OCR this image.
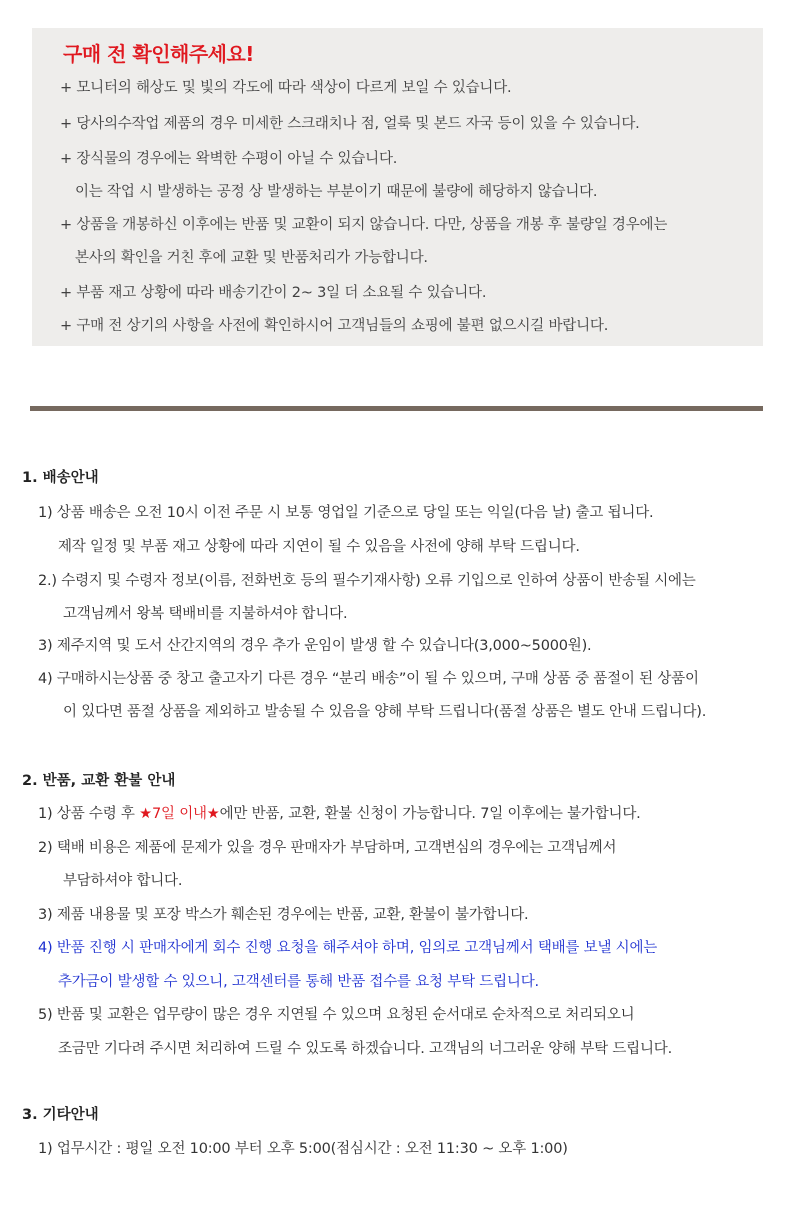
구매 전 확인해주세요!
+ 모니터의 해상도 및 빛의 각도에 따라 색상이 다르게 보일 수 있습니다.
+ 당사의수작업 제품의 경우 미세한 스크래치나 점, 얼룩 및 본드 자국 등이 있을 수 있습니다.
+ 장식물의 경우에는 왁벽한 수평이 아닐 수 있습니다.
이는 작업 시 발생하는 공정 상 발생하는 부분이기 때문에 불량에 해당하지 않습니다.
+ 상품을 개봉하신 이후에는 반품 및 교환이 되지 않습니다. 다만, 상품을 개봉 후 불량일 경우에는
본사의 확인을 거친 후에 교환 및 반품처리가 가능합니다.
+ 부품 재고 상황에 따라 배송기간이 2~ 3일 더 소요될 수 있습니다.
+ 구매 전 상기의 사항을 사전에 확인하시어 고객님들의 쇼핑에 불편 없으시길 바랍니다.
1. 배송안내
1) 상품 배송은 오전 10시 이전 주문 시 보통 영업일 기준으로 당일 또는 익일(다음 날) 출고 됩니다.
제작 일정 및 부품 재고 상황에 따라 지연이 될 수 있음을 사전에 양해 부탁 드립니다.
2.) 수령지 및 수령자 정보(이름, 전화번호 등의 필수기재사항) 오류 기입으로 인하여 상품이 반송될 시에는
고객님께서 왕복 택배비를 지불하셔야 합니다.
3) 제주지역 및 도서 산간지역의 경우 추가 운임이 발생 할 수 있습니다(3,000~5000원).
4) 구매하시는상품 중 창고 출고자기 다른 경우 “분리 배송”이 될 수 있으며, 구매 상품 중 품절이 된 상품이
이 있다면 품절 상품을 제외하고 발송될 수 있음을 양해 부탁 드립니다(품절 상품은 별도 안내 드립니다).
2. 반품, 교환 환불 안내
1) 상품 수령 후 ★7일 이내★에만 반품, 교환, 환불 신청이 가능합니다. 7일 이후에는 불가합니다.
2) 택배 비용은 제품에 문제가 있을 경우 판매자가 부담하며, 고객변심의 경우에는 고객님께서
부담하셔야 합니다.
3) 제품 내용물 및 포장 박스가 훼손된 경우에는 반품, 교환, 환불이 불가합니다.
4) 반품 진행 시 판매자에게 회수 진행 요청을 해주셔야 하며, 임의로 고객님께서 택배를 보낼 시에는
추가금이 발생할 수 있으니, 고객센터를 통해 반품 접수를 요청 부탁 드립니다.
5) 반품 및 교환은 업무량이 많은 경우 지연될 수 있으며 요청된 순서대로 순차적으로 처리되오니
조금만 기다려 주시면 처리하여 드릴 수 있도록 하겠습니다. 고객님의 너그러운 양해 부탁 드립니다.
3. 기타안내
1) 업무시간 : 평일 오전 10:00 부터 오후 5:00(점심시간 : 오전 11:30 ~ 오후 1:00)
